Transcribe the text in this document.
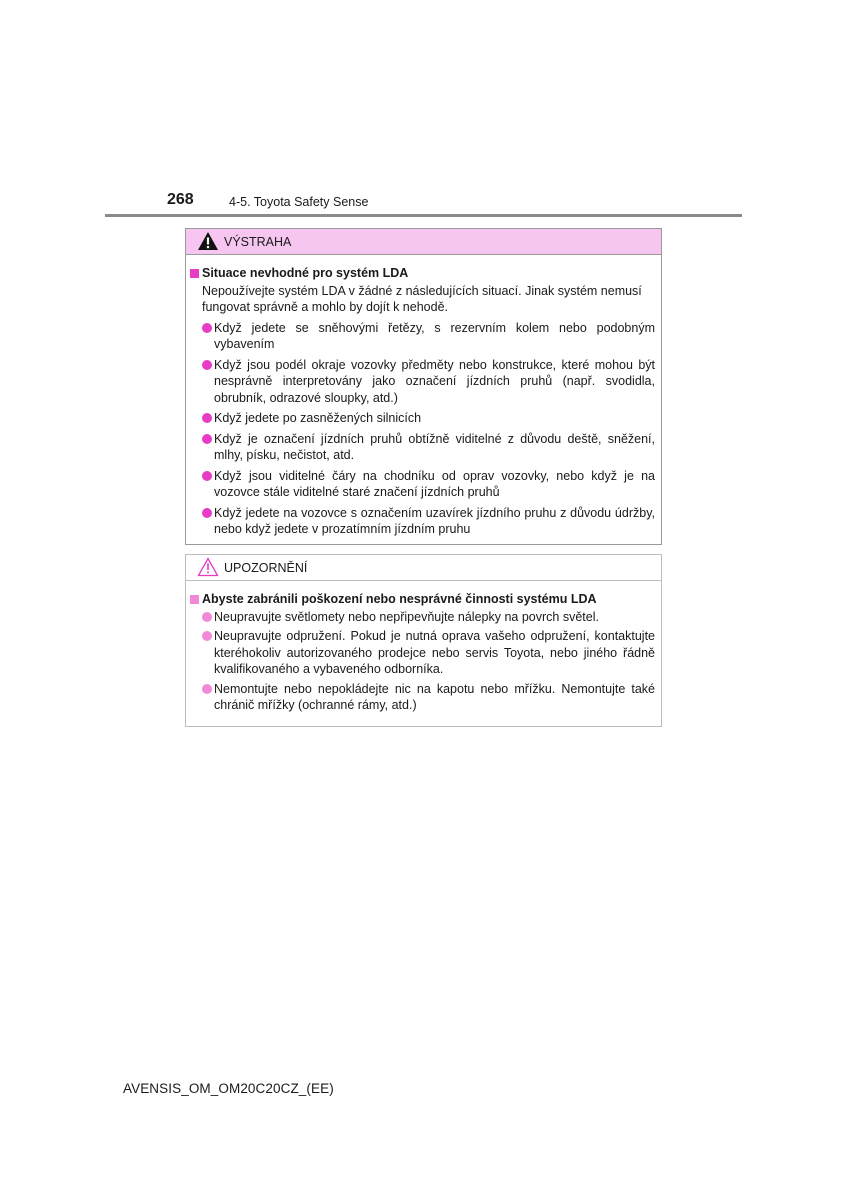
268	4-5. Toyota Safety Sense
VÝSTRAHA
Situace nevhodné pro systém LDA
Nepoužívejte systém LDA v žádné z následujících situací. Jinak systém nemusí fungovat správně a mohlo by dojít k nehodě.
Když jedete se sněhovými řetězy, s rezervním kolem nebo podobným vybavením
Když jsou podél okraje vozovky předměty nebo konstrukce, které mohou být nesprávně interpretovány jako označení jízdních pruhů (např. svodidla, obrubník, odrazové sloupky, atd.)
Když jedete po zasněžených silnicích
Když je označení jízdních pruhů obtížně viditelné z důvodu deště, sněžení, mlhy, písku, nečistot, atd.
Když jsou viditelné čáry na chodníku od oprav vozovky, nebo když je na vozovce stále viditelné staré značení jízdních pruhů
Když jedete na vozovce s označením uzavírek jízdního pruhu z důvodu údržby, nebo když jedete v prozatímním jízdním pruhu
UPOZORNĚNÍ
Abyste zabránili poškození nebo nesprávné činnosti systému LDA
Neupravujte světlomety nebo nepřipevňujte nálepky na povrch světel.
Neupravujte odpružení. Pokud je nutná oprava vašeho odpružení, kontaktujte kteréhokoliv autorizovaného prodejce nebo servis Toyota, nebo jiného řádně kvalifikovaného a vybaveného odborníka.
Nemontujte nebo nepokládejte nic na kapotu nebo mřížku. Nemontujte také chránič mřížky (ochranné rámy, atd.)
AVENSIS_OM_OM20C20CZ_(EE)
